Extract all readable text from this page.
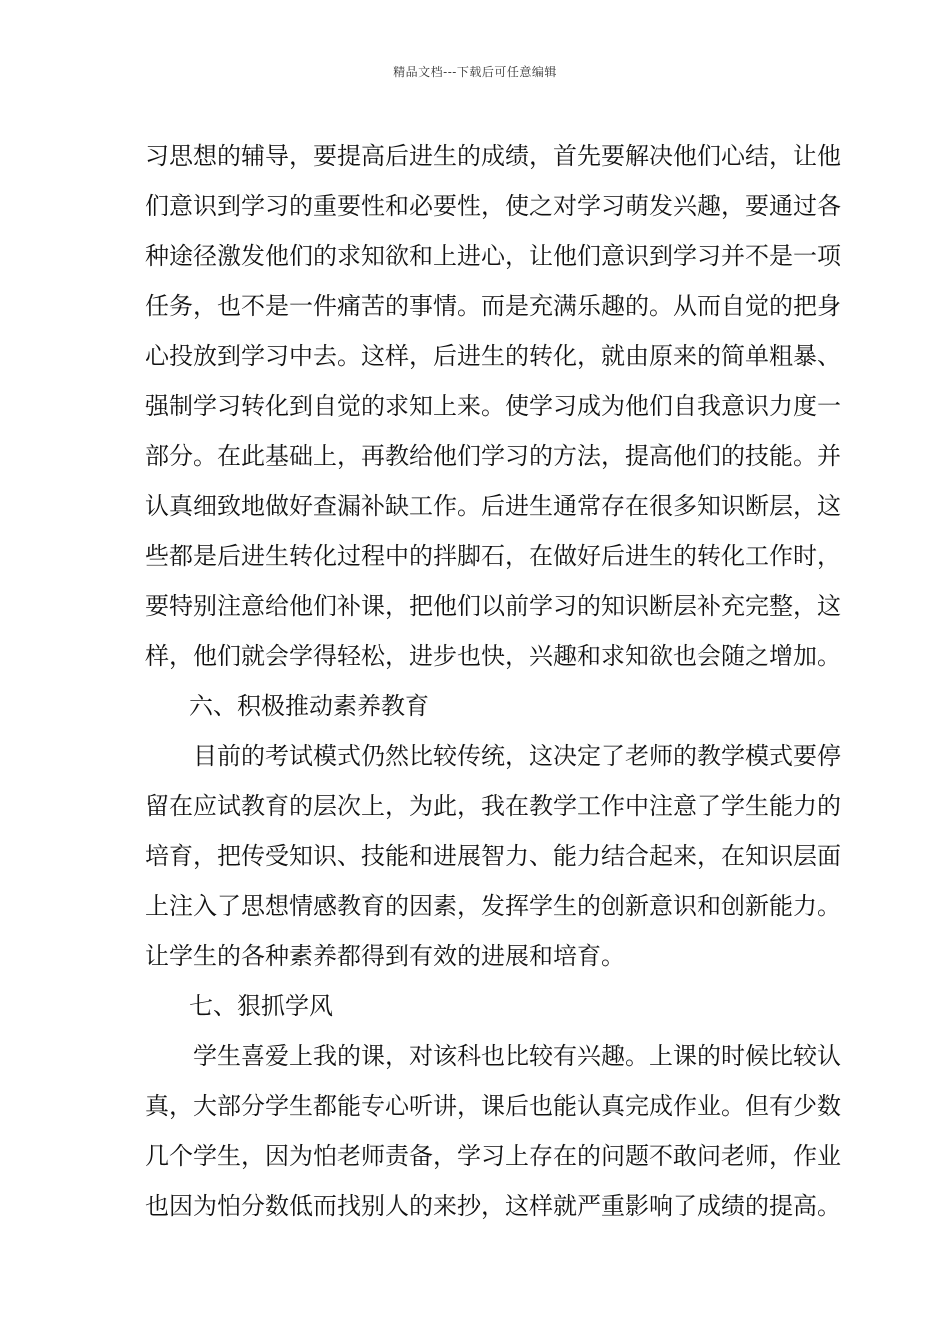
精品文档---下载后可任意编辑
习思想的辅导，要提高后进生的成绩，首先要解决他们心结，让他
们意识到学习的重要性和必要性，使之对学习萌发兴趣，要通过各
种途径激发他们的求知欲和上进心，让他们意识到学习并不是一项
任务，也不是一件痛苦的事情。而是充满乐趣的。从而自觉的把身
心投放到学习中去。这样，后进生的转化，就由原来的简单粗暴、
强制学习转化到自觉的求知上来。使学习成为他们自我意识力度一
部分。在此基础上，再教给他们学习的方法，提高他们的技能。并
认真细致地做好查漏补缺工作。后进生通常存在很多知识断层，这
些都是后进生转化过程中的拌脚石，在做好后进生的转化工作时，
要特别注意给他们补课，把他们以前学习的知识断层补充完整，这
样，他们就会学得轻松，进步也快，兴趣和求知欲也会随之增加。
六、积极推动素养教育
目前的考试模式仍然比较传统，这决定了老师的教学模式要停
留在应试教育的层次上，为此，我在教学工作中注意了学生能力的
培育，把传受知识、技能和进展智力、能力结合起来，在知识层面
上注入了思想情感教育的因素，发挥学生的创新意识和创新能力。
让学生的各种素养都得到有效的进展和培育。
七、狠抓学风
学生喜爱上我的课，对该科也比较有兴趣。上课的时候比较认
真，大部分学生都能专心听讲，课后也能认真完成作业。但有少数
几个学生，因为怕老师责备，学习上存在的问题不敢问老师，作业
也因为怕分数低而找别人的来抄，这样就严重影响了成绩的提高。
